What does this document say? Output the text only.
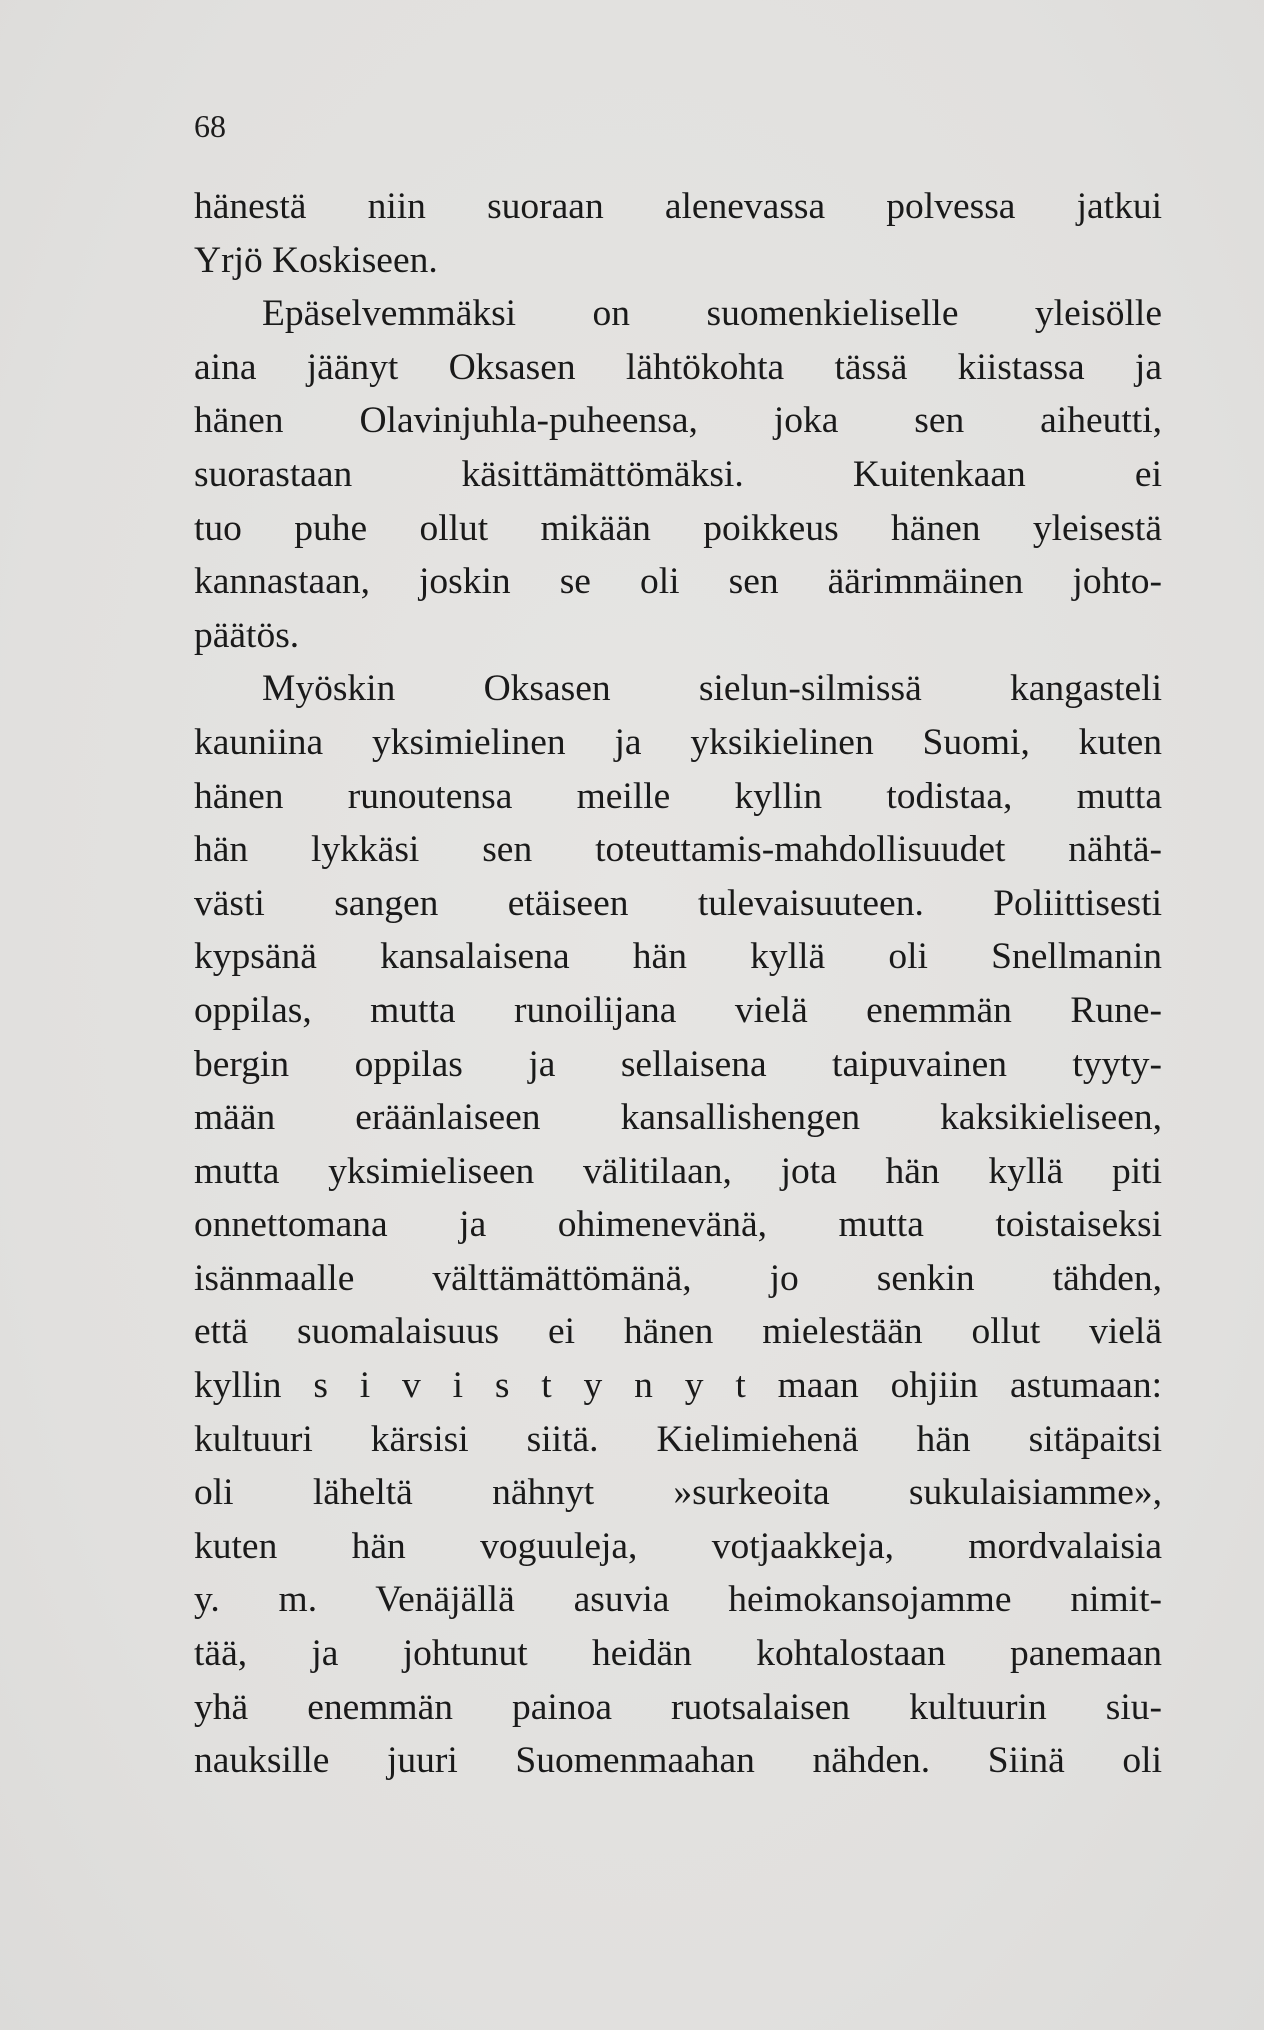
68
hänestä niin suoraan alenevassa polvessa jatkui
Yrjö Koskiseen.
Epäselvemmäksi on suomenkieliselle yleisölle
aina jäänyt Oksasen lähtökohta tässä kiistassa ja
hänen Olavinjuhla-puheensa, joka sen aiheutti,
suorastaan käsittämättömäksi. Kuitenkaan ei
tuo puhe ollut mikään poikkeus hänen yleisestä
kannastaan, joskin se oli sen äärimmäinen johto-
päätös.
Myöskin Oksasen sielun-silmissä kangasteli
kauniina yksimielinen ja yksikielinen Suomi, kuten
hänen runoutensa meille kyllin todistaa, mutta
hän lykkäsi sen toteuttamis-mahdollisuudet nähtä-
västi sangen etäiseen tulevaisuuteen. Poliittisesti
kypsänä kansalaisena hän kyllä oli Snellmanin
oppilas, mutta runoilijana vielä enemmän Rune-
bergin oppilas ja sellaisena taipuvainen tyyty-
mään eräänlaiseen kansallishengen kaksikieliseen,
mutta yksimieliseen välitilaan, jota hän kyllä piti
onnettomana ja ohimenevänä, mutta toistaiseksi
isänmaalle välttämättömänä, jo senkin tähden,
että suomalaisuus ei hänen mielestään ollut vielä
kyllin s i v i s t y n y t maan ohjiin astumaan:
kultuuri kärsisi siitä. Kielimiehenä hän sitäpaitsi
oli läheltä nähnyt »surkeoita sukulaisiamme»,
kuten hän voguuleja, votjaakkeja, mordvalaisia
y. m. Venäjällä asuvia heimokansojamme nimit-
tää, ja johtunut heidän kohtalostaan panemaan
yhä enemmän painoa ruotsalaisen kultuurin siu-
nauksille juuri Suomenmaahan nähden. Siinä oli
